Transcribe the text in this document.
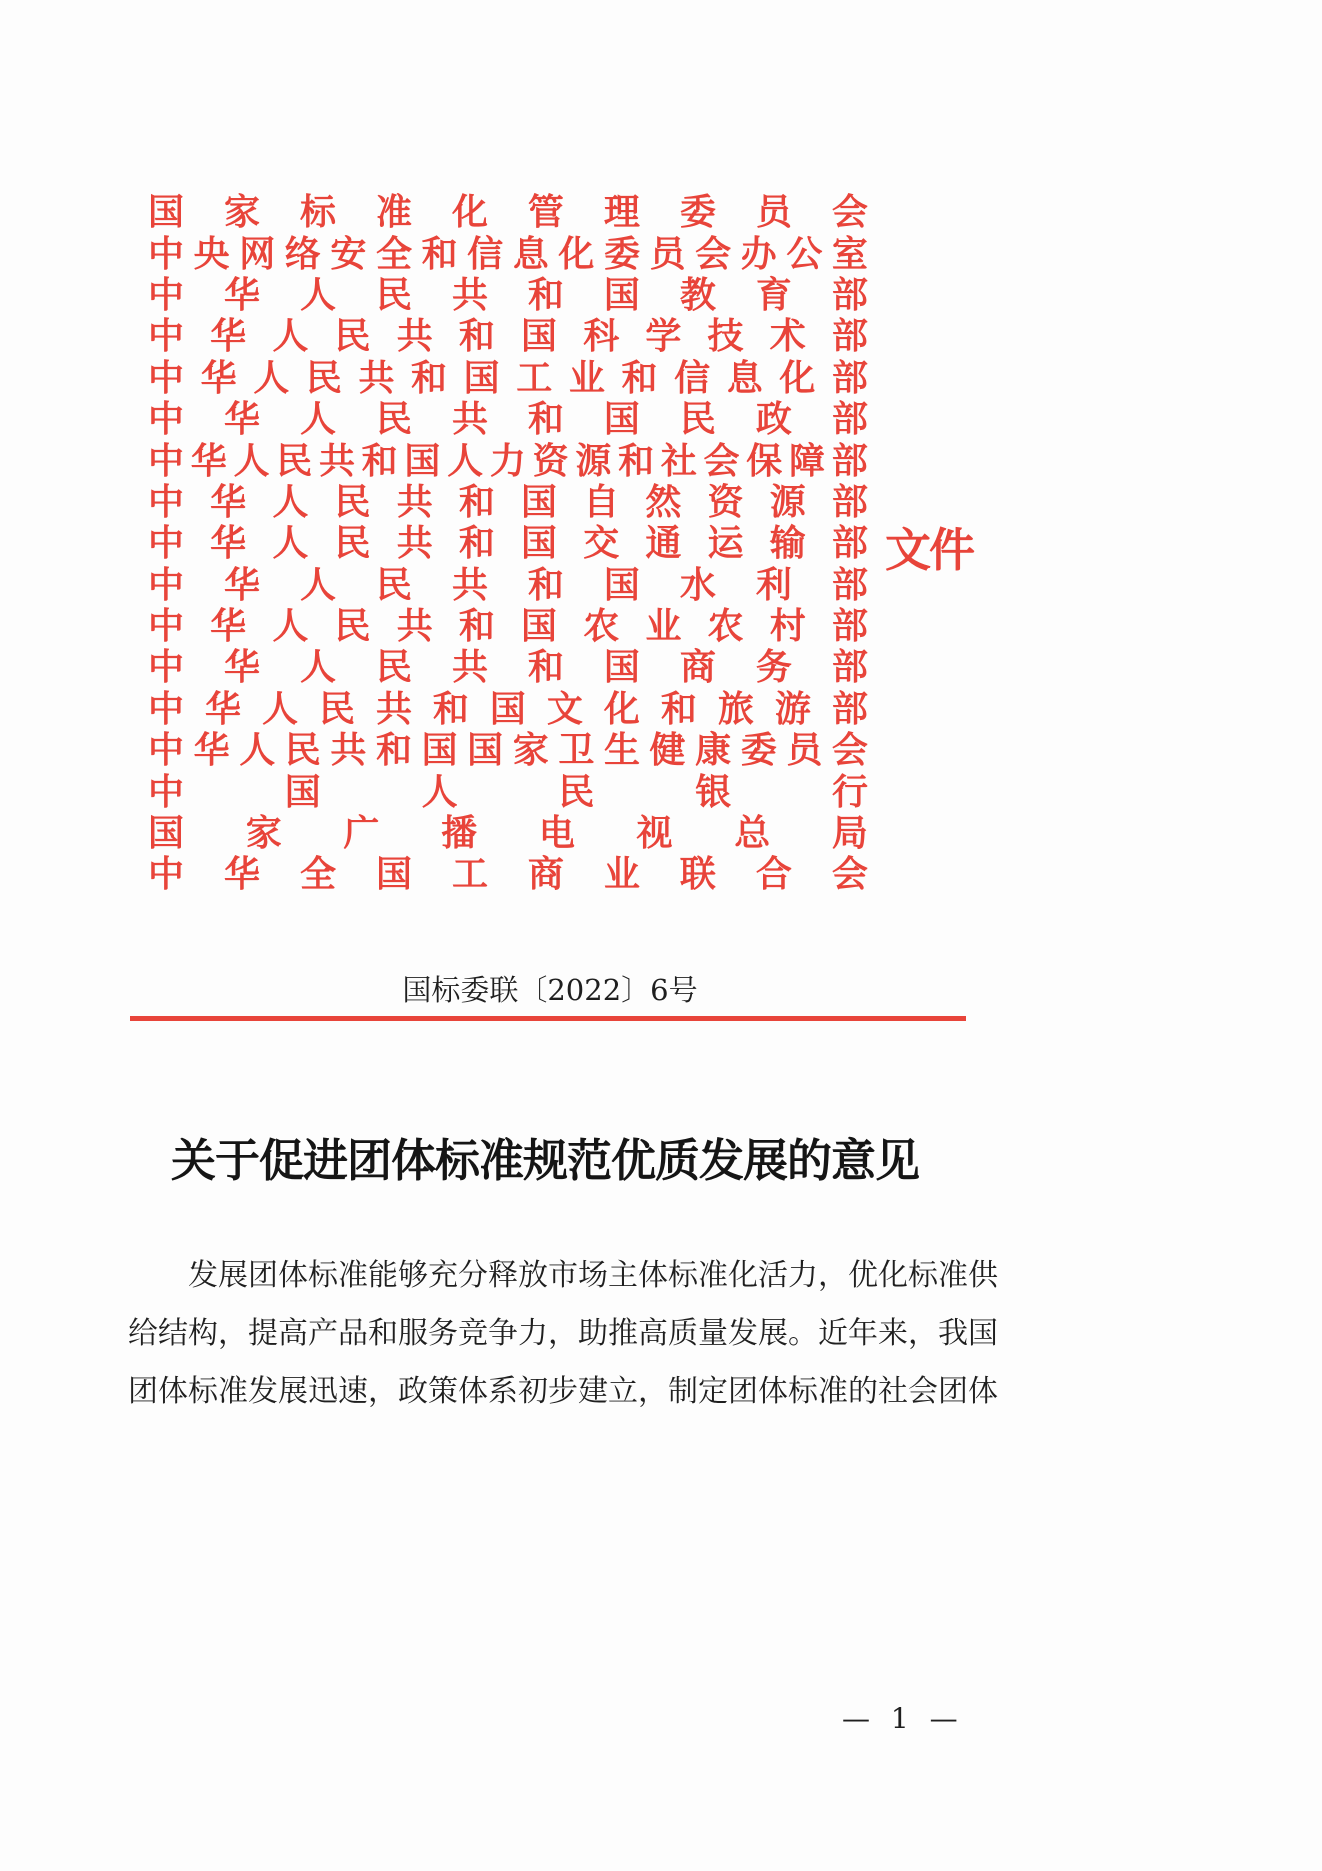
国 家 标 准 化 管 理 委 员 会
中 央 网 络 安 全 和 信 息 化 委 员 会 办 公 室
中 华 人 民 共 和 国 教 育 部
中 华 人 民 共 和 国 科 学 技 术 部
中 华 人 民 共 和 国 工 业 和 信 息 化 部
中 华 人 民 共 和 国 民 政 部
中 华 人 民 共 和 国 人 力 资 源 和 社 会 保 障 部
中 华 人 民 共 和 国 自 然 资 源 部
中 华 人 民 共 和 国 交 通 运 输 部
中 华 人 民 共 和 国 水 利 部
中 华 人 民 共 和 国 农 业 农 村 部
中 华 人 民 共 和 国 商 务 部
中 华 人 民 共 和 国 文 化 和 旅 游 部
中 华 人 民 共 和 国 国 家 卫 生 健 康 委 员 会
中	国	人	民	银	行
国 家 广 播 电 视 总 局
中 华 全 国 工 商 业 联 合 会
文件
国标委联〔2022〕6号
关于促进团体标准规范优质发展的意见

发 展 团 体 标 准 能 够 充 分 释 放 市 场 主 体 标 准 化 活 力 ， 优 化 标 准 供
给 结 构 ， 提 高 产 品 和 服 务 竞 争 力 ， 助 推 高 质 量 发 展 。 近 年 来 ， 我 国
团 体 标 准 发 展 迅 速 ， 政 策 体 系 初 步 建 立 ， 制 定 团 体 标 准 的 社 会 团 体
— 1 —
